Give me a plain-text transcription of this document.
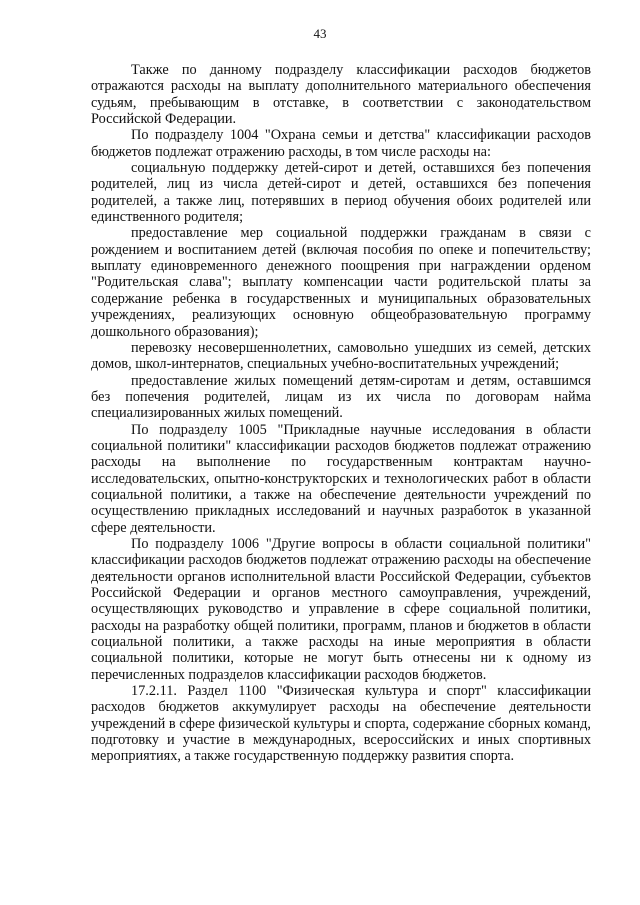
43

Также по данному подразделу классификации расходов бюджетов отражаются расходы на выплату дополнительного материального обеспечения судьям, пребывающим в отставке, в соответствии с законодательством Российской Федерации.

По подразделу 1004 "Охрана семьи и детства" классификации расходов бюджетов подлежат отражению расходы, в том числе расходы на:

социальную поддержку детей-сирот и детей, оставшихся без попечения родителей, лиц из числа детей-сирот и детей, оставшихся без попечения родителей, а также лиц, потерявших в период обучения обоих родителей или единственного родителя;

предоставление мер социальной поддержки гражданам в связи с рождением и воспитанием детей (включая пособия по опеке и попечительству; выплату единовременного денежного поощрения при награждении орденом "Родительская слава"; выплату компенсации части родительской платы за содержание ребенка в государственных и муниципальных образовательных учреждениях, реализующих основную общеобразовательную программу дошкольного образования);

перевозку несовершеннолетних, самовольно ушедших из семей, детских домов, школ-интернатов, специальных учебно-воспитательных учреждений;

предоставление жилых помещений детям-сиротам и детям, оставшимся без попечения родителей, лицам из их числа по договорам найма специализированных жилых помещений.

По подразделу 1005 "Прикладные научные исследования в области социальной политики" классификации расходов бюджетов подлежат отражению расходы на выполнение по государственным контрактам научно-исследовательских, опытно-конструкторских и технологических работ в области социальной политики, а также на обеспечение деятельности учреждений по осуществлению прикладных исследований и научных разработок в указанной сфере деятельности.

По подразделу 1006 "Другие вопросы в области социальной политики" классификации расходов бюджетов подлежат отражению расходы на обеспечение деятельности органов исполнительной власти Российской Федерации, субъектов Российской Федерации и органов местного самоуправления, учреждений, осуществляющих руководство и управление в сфере социальной политики, расходы на разработку общей политики, программ, планов и бюджетов в области социальной политики, а также расходы на иные мероприятия в области социальной политики, которые не могут быть отнесены ни к одному из перечисленных подразделов классификации расходов бюджетов.

17.2.11. Раздел 1100 "Физическая культура и спорт" классификации расходов бюджетов аккумулирует расходы на обеспечение деятельности учреждений в сфере физической культуры и спорта, содержание сборных команд, подготовку и участие в международных, всероссийских и иных спортивных мероприятиях, а также государственную поддержку развития спорта.
